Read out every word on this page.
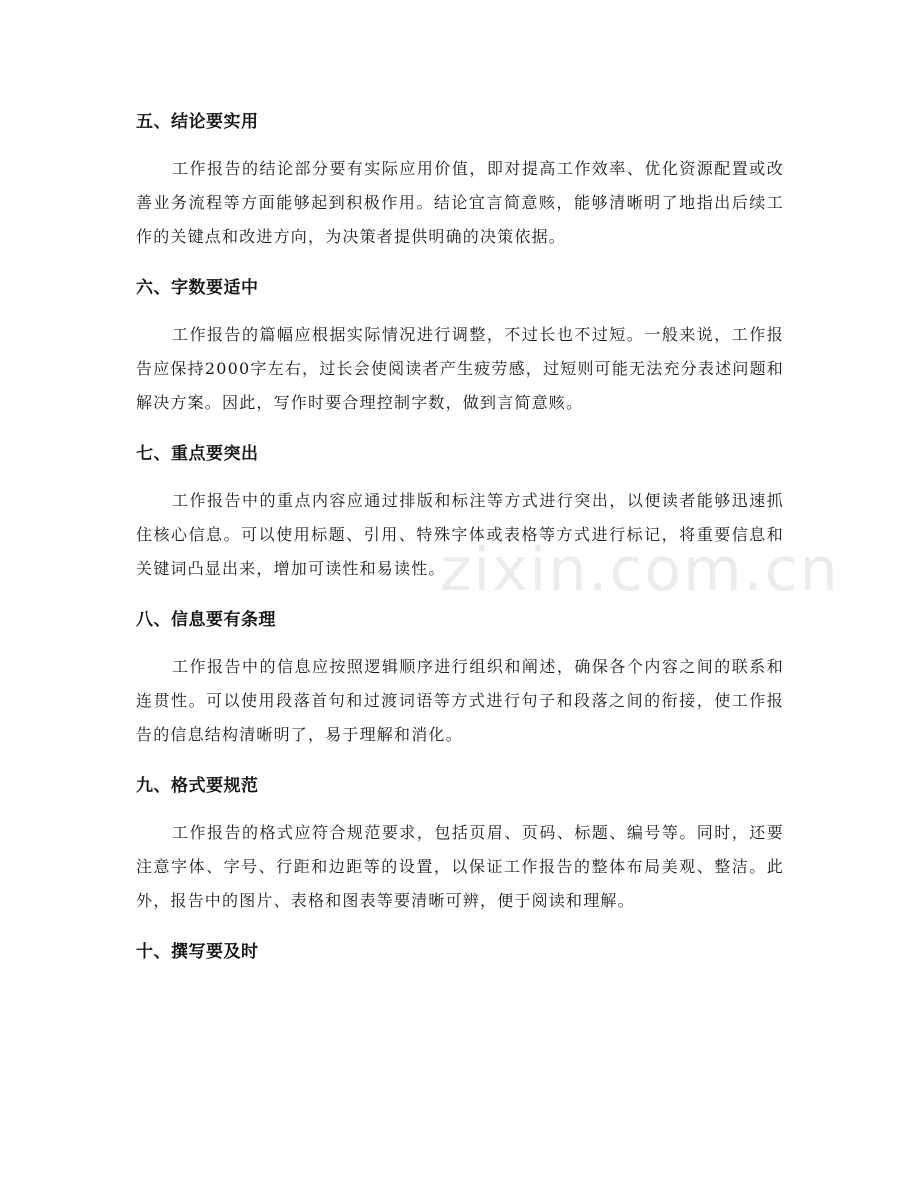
五、结论要实用

工作报告的结论部分要有实际应用价值，即对提高工作效率、优化资源配置或改善业务流程等方面能够起到积极作用。结论宜言简意赅，能够清晰明了地指出后续工作的关键点和改进方向，为决策者提供明确的决策依据。

六、字数要适中

工作报告的篇幅应根据实际情况进行调整，不过长也不过短。一般来说，工作报告应保持2000字左右，过长会使阅读者产生疲劳感，过短则可能无法充分表述问题和解决方案。因此，写作时要合理控制字数，做到言简意赅。

七、重点要突出

工作报告中的重点内容应通过排版和标注等方式进行突出，以便读者能够迅速抓住核心信息。可以使用标题、引用、特殊字体或表格等方式进行标记，将重要信息和关键词凸显出来，增加可读性和易读性。

八、信息要有条理

工作报告中的信息应按照逻辑顺序进行组织和阐述，确保各个内容之间的联系和连贯性。可以使用段落首句和过渡词语等方式进行句子和段落之间的衔接，使工作报告的信息结构清晰明了，易于理解和消化。

九、格式要规范

工作报告的格式应符合规范要求，包括页眉、页码、标题、编号等。同时，还要注意字体、字号、行距和边距等的设置，以保证工作报告的整体布局美观、整洁。此外，报告中的图片、表格和图表等要清晰可辨，便于阅读和理解。

十、撰写要及时
zixin.com.cn
